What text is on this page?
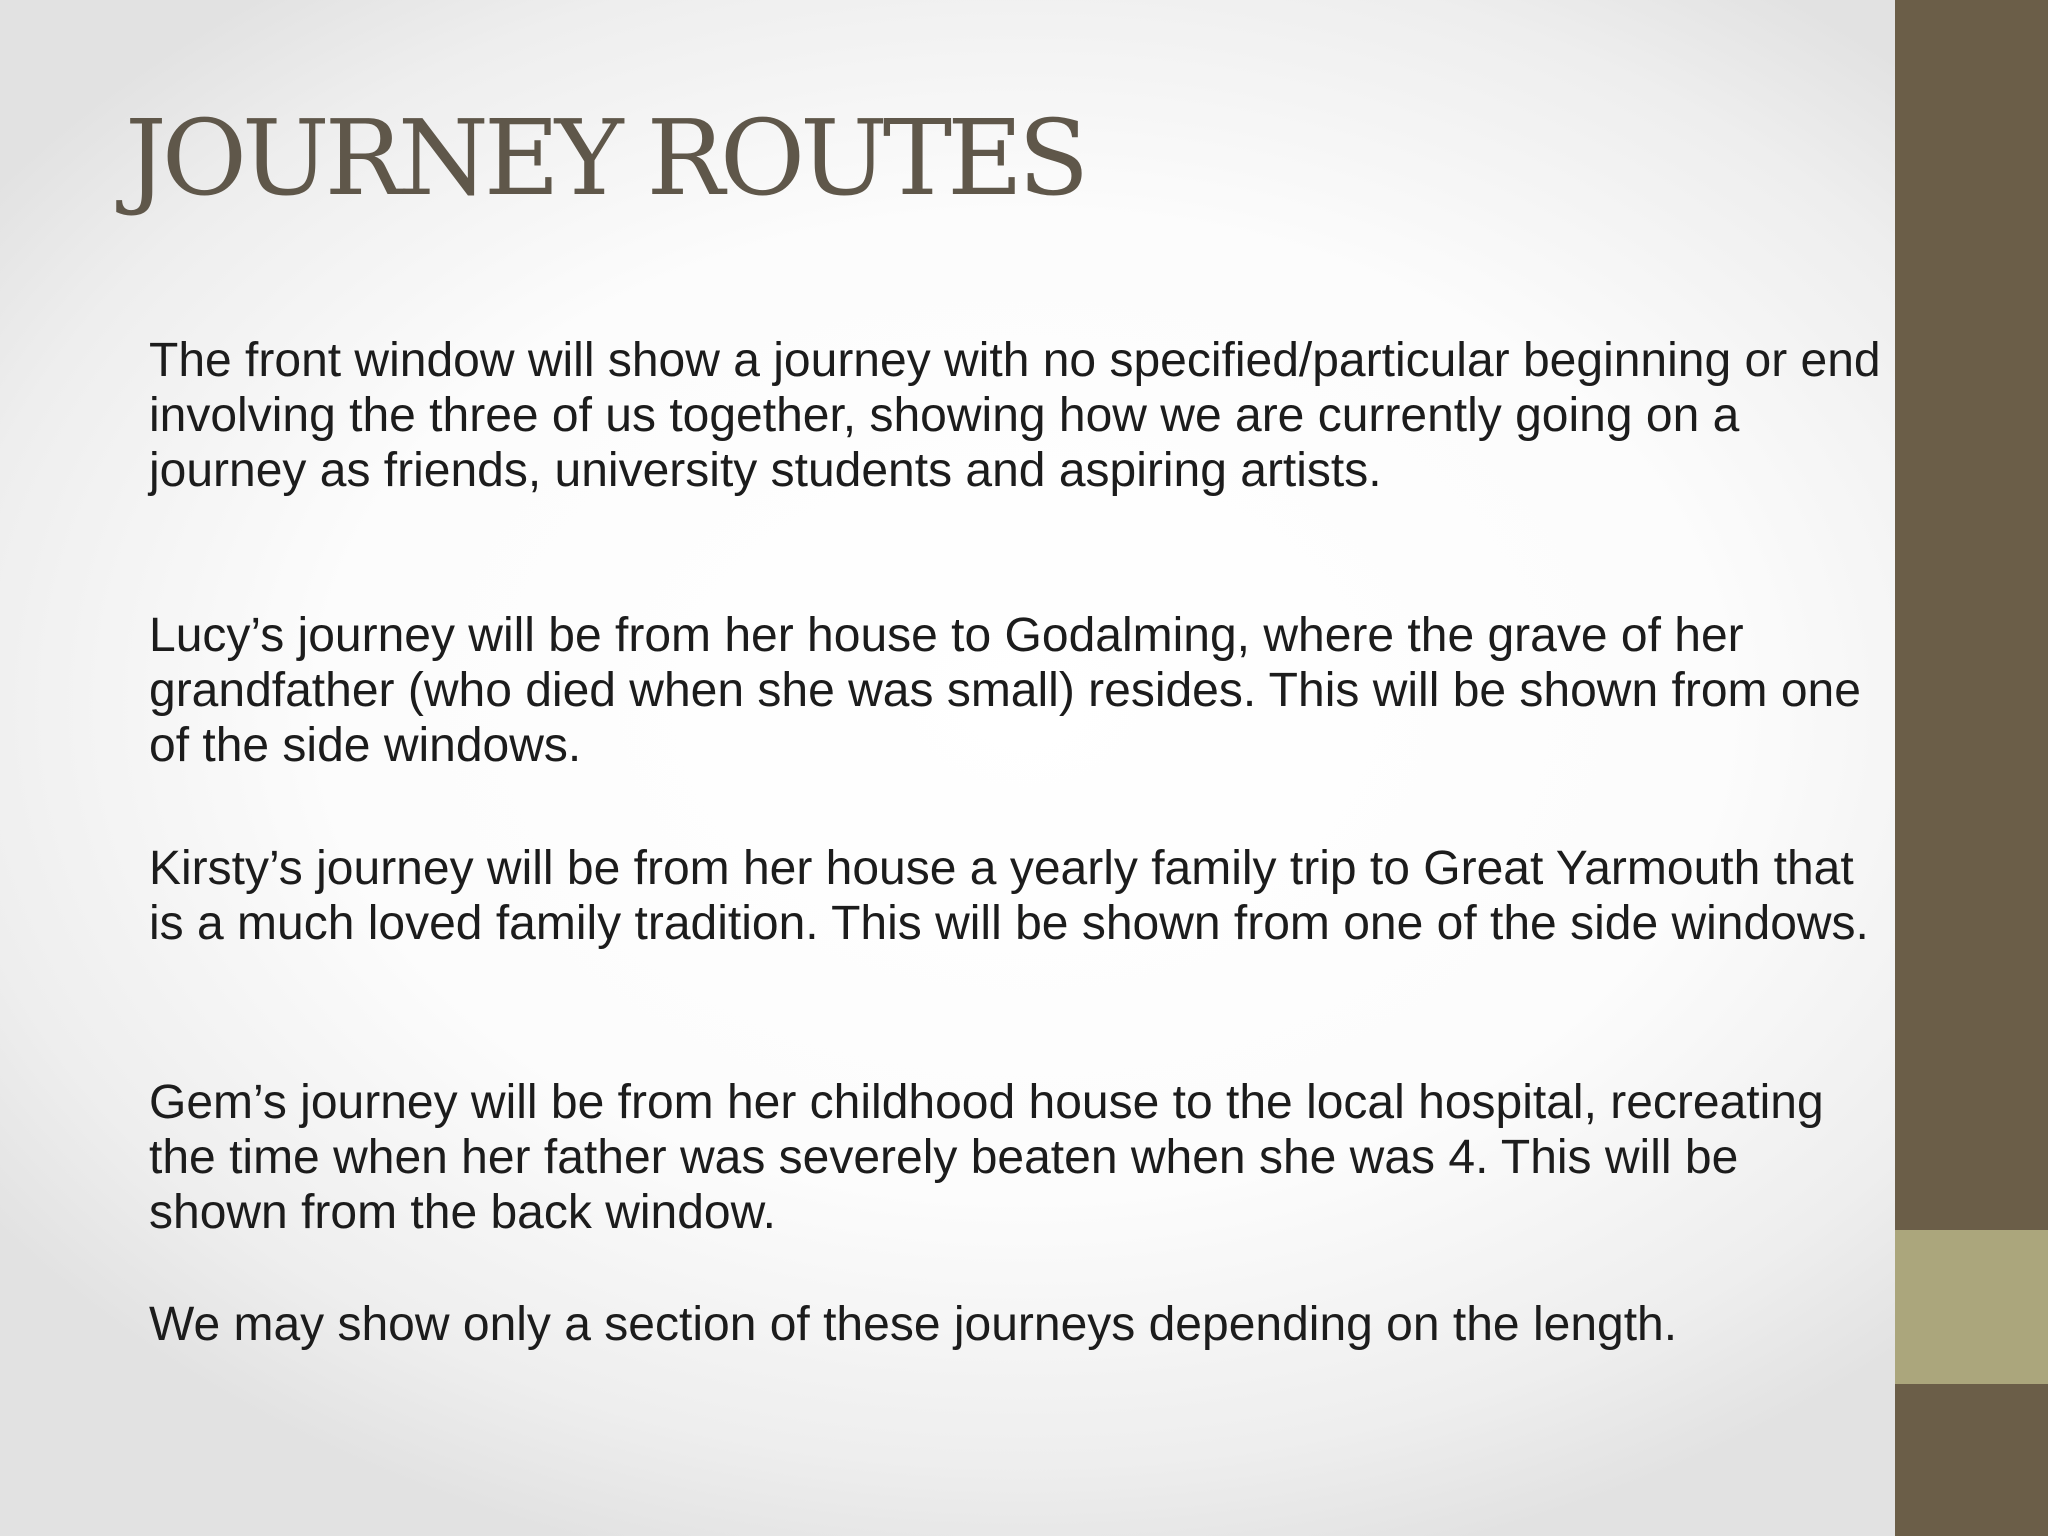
JOURNEY ROUTES

The front window will show a journey with no specified/particular beginning or end involving the three of us together, showing how we are currently going on a journey as friends, university students and aspiring artists.

Lucy’s journey will be from her house to Godalming, where the grave of her grandfather (who died when she was small) resides. This will be shown from one of the side windows.

Kirsty’s journey will be from her house a yearly family trip to Great Yarmouth that is a much loved family tradition. This will be shown from one of the side windows.

Gem’s journey will be from her childhood house to the local hospital, recreating the time when her father was severely beaten when she was 4. This will be shown from the back window.

We may show only a section of these journeys depending on the length.
